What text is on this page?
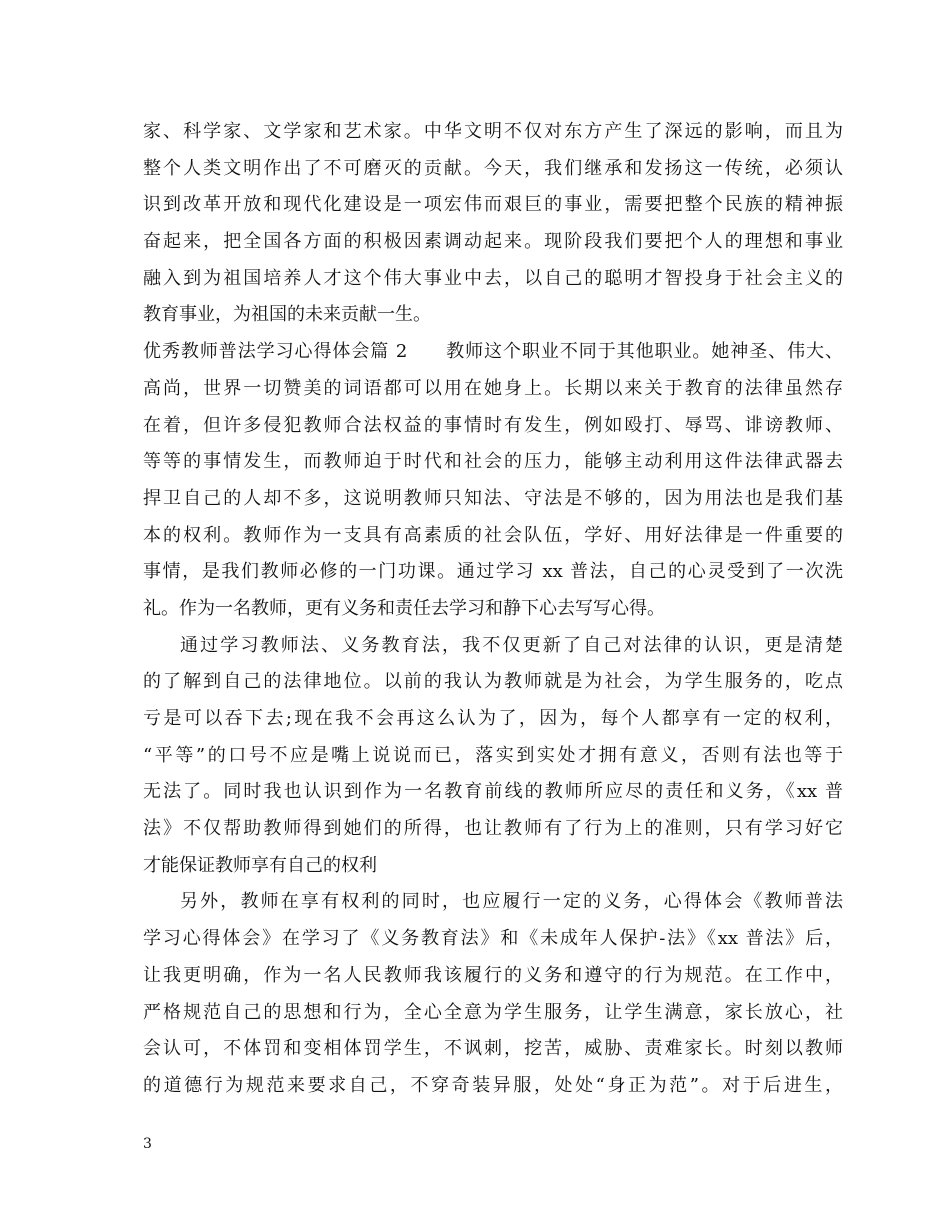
家、科学家、文学家和艺术家。中华文明不仅对东方产生了深远的影响，而且为
整个人类文明作出了不可磨灭的贡献。今天，我们继承和发扬这一传统，必须认
识到改革开放和现代化建设是一项宏伟而艰巨的事业，需要把整个民族的精神振
奋起来，把全国各方面的积极因素调动起来。现阶段我们要把个人的理想和事业
融入到为祖国培养人才这个伟大事业中去，以自己的聪明才智投身于社会主义的
教育事业，为祖国的未来贡献一生。
优秀教师普法学习心得体会篇 2　　教师这个职业不同于其他职业。她神圣、伟大、
高尚，世界一切赞美的词语都可以用在她身上。长期以来关于教育的法律虽然存
在着，但许多侵犯教师合法权益的事情时有发生，例如殴打、辱骂、诽谤教师、
等等的事情发生，而教师迫于时代和社会的压力，能够主动利用这件法律武器去
捍卫自己的人却不多，这说明教师只知法、守法是不够的，因为用法也是我们基
本的权利。教师作为一支具有高素质的社会队伍，学好、用好法律是一件重要的
事情，是我们教师必修的一门功课。通过学习 xx 普法，自己的心灵受到了一次洗
礼。作为一名教师，更有义务和责任去学习和静下心去写写心得。
通过学习教师法、义务教育法，我不仅更新了自己对法律的认识，更是清楚
的了解到自己的法律地位。以前的我认为教师就是为社会，为学生服务的，吃点
亏是可以吞下去;现在我不会再这么认为了，因为，每个人都享有一定的权利，
“平等”的口号不应是嘴上说说而已，落实到实处才拥有意义，否则有法也等于
无法了。同时我也认识到作为一名教育前线的教师所应尽的责任和义务，《xx 普
法》不仅帮助教师得到她们的所得，也让教师有了行为上的准则，只有学习好它
才能保证教师享有自己的权利
另外，教师在享有权利的同时，也应履行一定的义务，心得体会《教师普法
学习心得体会》在学习了《义务教育法》和《未成年人保护-法》《xx 普法》后，
让我更明确，作为一名人民教师我该履行的义务和遵守的行为规范。在工作中，
严格规范自己的思想和行为，全心全意为学生服务，让学生满意，家长放心，社
会认可，不体罚和变相体罚学生，不讽刺，挖苦，威胁、责难家长。时刻以教师
的道德行为规范来要求自己，不穿奇装异服，处处“身正为范”。对于后进生，
3
